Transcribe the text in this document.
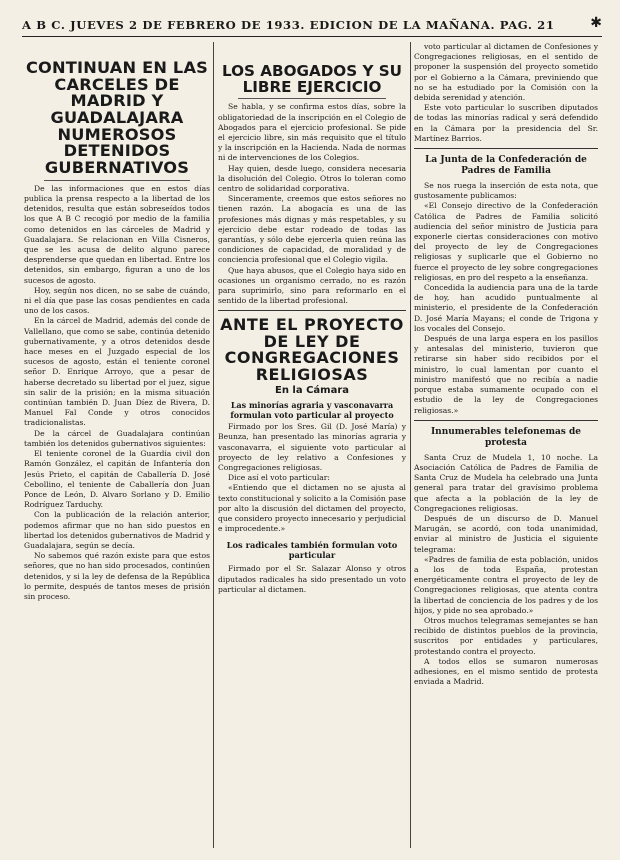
A B C. JUEVES 2 DE FEBRERO DE 1933. EDICION DE LA MAÑANA. PAG. 21	✱
CONTINUAN EN LAS CARCELES DE MADRID Y GUADALAJARA NUMEROSOS DETENIDOS GUBERNATIVOS

De las informaciones que en estos días publica la prensa respecto a la libertad de los detenidos, resulta que están sobreseídos todos los que A B C recogió por medio de la familia como detenidos en las cárceles de Madrid y Guadalajara. Se relacionan en Villa Cisneros, que se les acusa de delito alguno parece desprenderse que quedan en libertad. Entre los detenidos, sin embargo, figuran a uno de los sucesos de agosto.

Hoy, según nos dicen, no se sabe de cuándo, ni el día que pase las cosas pendientes en cada uno de los casos.

En la cárcel de Madrid, además del conde de Vallellano, que como se sabe, continúa detenido gubernativamente, y a otros detenidos desde hace meses en el Juzgado especial de los sucesos de agosto, están el teniente coronel señor D. Enrique Arroyo, que a pesar de haberse decretado su libertad por el juez, sigue sin salir de la prisión; en la misma situación continúan también D. Juan Díez de Rivera, D. Manuel Fal Conde y otros conocidos tradicionalistas.

De la cárcel de Guadalajara continúan también los detenidos gubernativos siguientes:

El teniente coronel de la Guardia civil don Ramón González, el capitán de Infantería don Jesús Prieto, el capitán de Caballería D. José Cebollino, el teniente de Caballería don Juan Ponce de León, D. Alvaro Sorlano y D. Emilio Rodríguez Tarduchy.

Con la publicación de la relación anterior, podemos afirmar que no han sido puestos en libertad los detenidos gubernativos de Madrid y Guadalajara, según se decía.

No sabemos qué razón existe para que estos señores, que no han sido procesados, continúen detenidos, y si la ley de defensa de la República lo permite, después de tantos meses de prisión sin proceso.

LOS ABOGADOS Y SU LIBRE EJERCICIO

Se habla, y se confirma estos días, sobre la obligatoriedad de la inscripción en el Colegio de Abogados para el ejercicio profesional. Se pide el ejercicio libre, sin más requisito que el título y la inscripción en la Hacienda. Nada de normas ni de intervenciones de los Colegios.

Hay quien, desde luego, considera necesaria la disolución del Colegio. Otros lo toleran como centro de solidaridad corporativa.

Sinceramente, creemos que estos señores no tienen razón. La abogacía es una de las profesiones más dignas y más respetables, y su ejercicio debe estar rodeado de todas las garantías, y sólo debe ejercerla quien reúna las condiciones de capacidad, de moralidad y de conciencia profesional que el Colegio vigila.

Que haya abusos, que el Colegio haya sido en ocasiones un organismo cerrado, no es razón para suprimirlo, sino para reformarlo en el sentido de la libertad profesional.

ANTE EL PROYECTO DE LEY DE CONGREGACIONES RELIGIOSAS
En la Cámara
Las minorías agraria y vasconavarra formulan voto particular al proyecto

Firmado por los Sres. Gil (D. José María) y Beunza, han presentado las minorías agraria y vasconavarra, el siguiente voto particular al proyecto de ley relativo a Confesiones y Congregaciones religiosas.

Dice así el voto particular:

«Entiendo que el dictamen no se ajusta al texto constitucional y solicito a la Comisión pase por alto la discusión del dictamen del proyecto, que considero proyecto innecesario y perjudicial e improcedente.»

Los radicales también formulan voto particular

Firmado por el Sr. Salazar Alonso y otros diputados radicales ha sido presentado un voto particular al dictamen.

voto particular al dictamen de Confesiones y Congregaciones religiosas, en el sentido de proponer la suspensión del proyecto sometido por el Gobierno a la Cámara, previniendo que no se ha estudiado por la Comisión con la debida serenidad y atención.

Este voto particular lo suscriben diputados de todas las minorías radical y será defendido en la Cámara por la presidencia del Sr. Martínez Barrios.

La Junta de la Confederación de Padres de Familia

Se nos ruega la inserción de esta nota, que gustosamente publicamos:

«El Consejo directivo de la Confederación Católica de Padres de Familia solicitó audiencia del señor ministro de Justicia para exponerle ciertas consideraciones con motivo del proyecto de ley de Congregaciones religiosas y suplicarle que el Gobierno no fuerce el proyecto de ley sobre congregaciones religiosas, en pro del respeto a la enseñanza.

Concedida la audiencia para una de la tarde de hoy, han acudido puntualmente al ministerio, el presidente de la Confederación D. José María Mayans; el conde de Trigona y los vocales del Consejo.

Después de una larga espera en los pasillos y antesalas del ministerio, tuvieron que retirarse sin haber sido recibidos por el ministro, lo cual lamentan por cuanto el ministro manifestó que no recibía a nadie porque estaba sumamente ocupado con el estudio de la ley de Congregaciones religiosas.»

Innumerables telefonemas de protesta

Santa Cruz de Mudela 1, 10 noche. La Asociación Católica de Padres de Familia de Santa Cruz de Mudela ha celebrado una Junta general para tratar del gravísimo problema que afecta a la población de la ley de Congregaciones religiosas.

Después de un discurso de D. Manuel Marugán, se acordó, con toda unanimidad, enviar al ministro de Justicia el siguiente telegrama:

«Padres de familia de esta población, unidos a los de toda España, protestan energéticamente contra el proyecto de ley de Congregaciones religiosas, que atenta contra la libertad de conciencia de los padres y de los hijos, y pide no sea aprobado.»

Otros muchos telegramas semejantes se han recibido de distintos pueblos de la provincia, suscritos por entidades y particulares, protestando contra el proyecto.

A todos ellos se sumaron numerosas adhesiones, en el mismo sentido de protesta enviada a Madrid.
